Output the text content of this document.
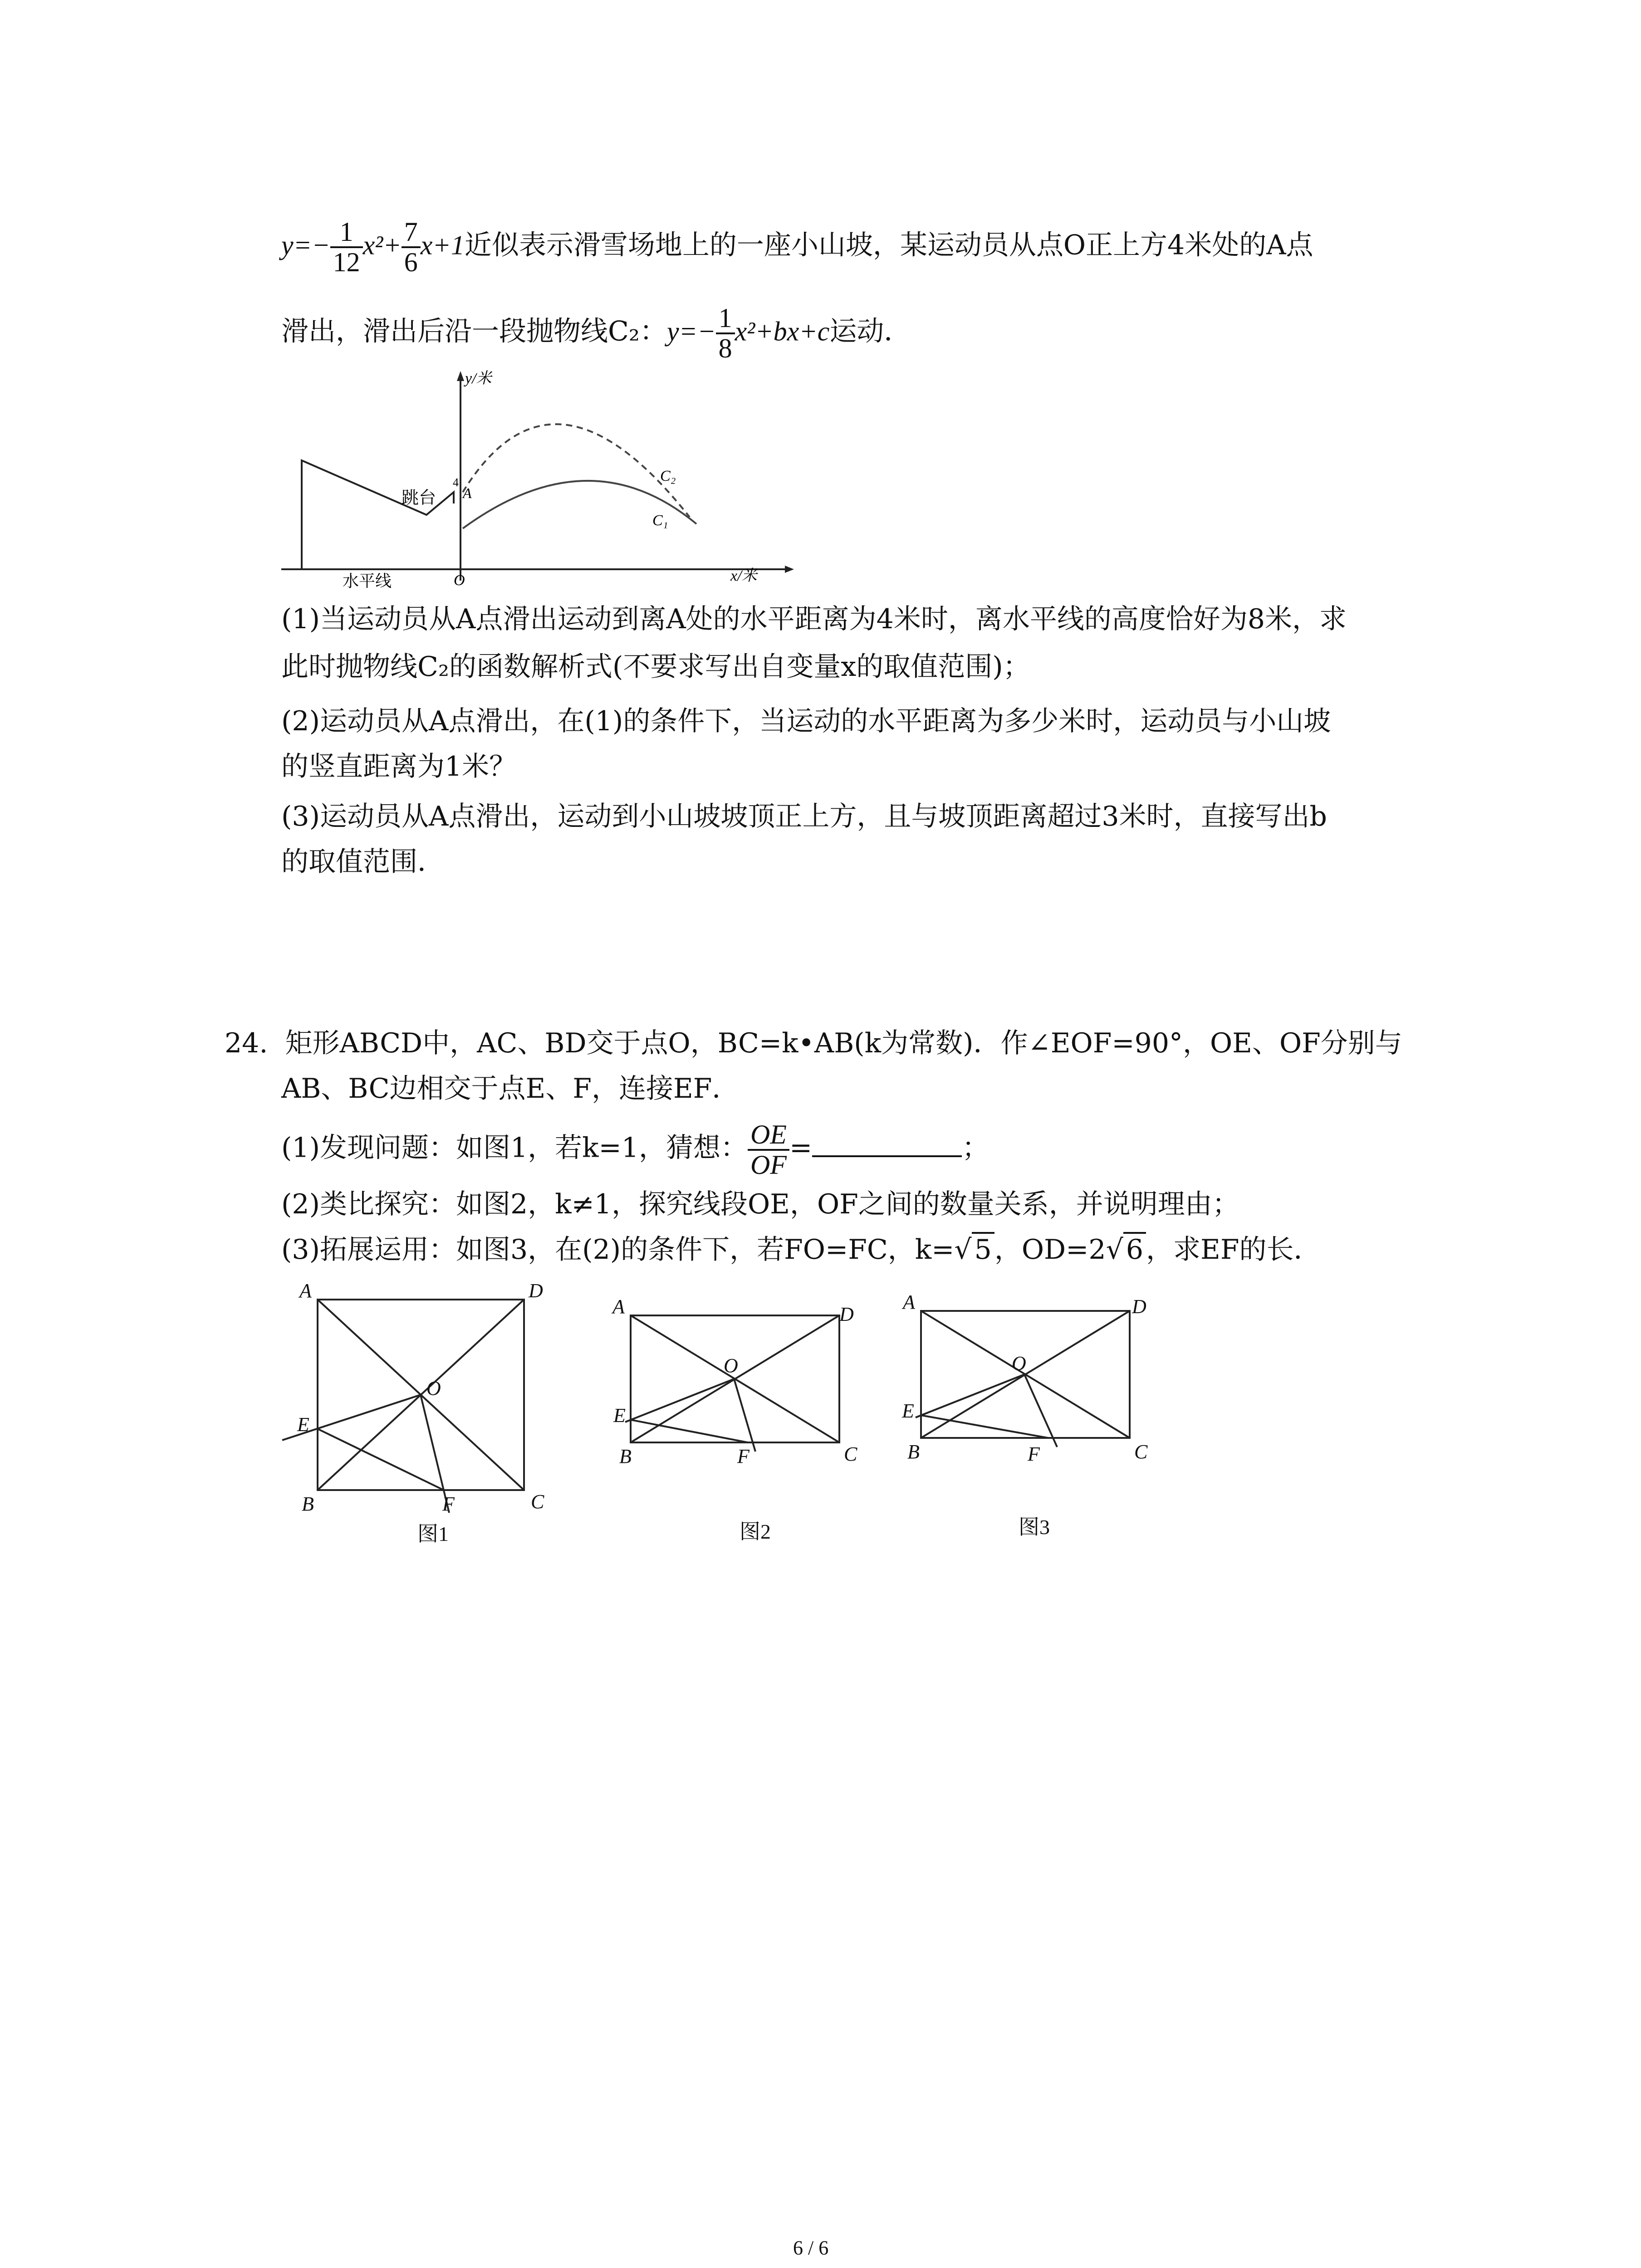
$y=- \frac{1}{12} x^2+ \frac{7}{6} x+1$近似表示滑雪场地上的一座小山坡，某运动员从点O正上方4米处的A点
滑出，滑出后沿一段抛物线C₂：$y=- \frac{1}{8} x^2+bx+c$运动．
y/米
x/米
O
A
4
跳台
水平线
C₂
C₁
(1)当运动员从A点滑出运动到离A处的水平距离为4米时，离水平线的高度恰好为8米，求
此时抛物线C₂的函数解析式(不要求写出自变量x的取值范围)；
(2)运动员从A点滑出，在(1)的条件下，当运动的水平距离为多少米时，运动员与小山坡
的竖直距离为1米？
(3)运动员从A点滑出，运动到小山坡坡顶正上方，且与坡顶距离超过3米时，直接写出b
的取值范围．
24. 矩形ABCD中，AC、BD交于点O，BC=k•AB(k为常数)．作∠EOF=90°，OE、OF分别与
AB、BC边相交于点E、F，连接EF．
(1)发现问题：如图1，若k=1，猜想： $\frac{OE}{OF}$ =	；
(2)类比探究：如图2，k≠1，探究线段OE，OF之间的数量关系，并说明理由；
(3)拓展运用：如图3，在(2)的条件下，若FO=FC，k=√ 5 ，OD=2√ 6 ，求EF的长．
A	D
E
O
B	F	C
图1
A	D
E
O
B	F	C
图2
A	D
E
O
B	F	C
图3
6 / 6
